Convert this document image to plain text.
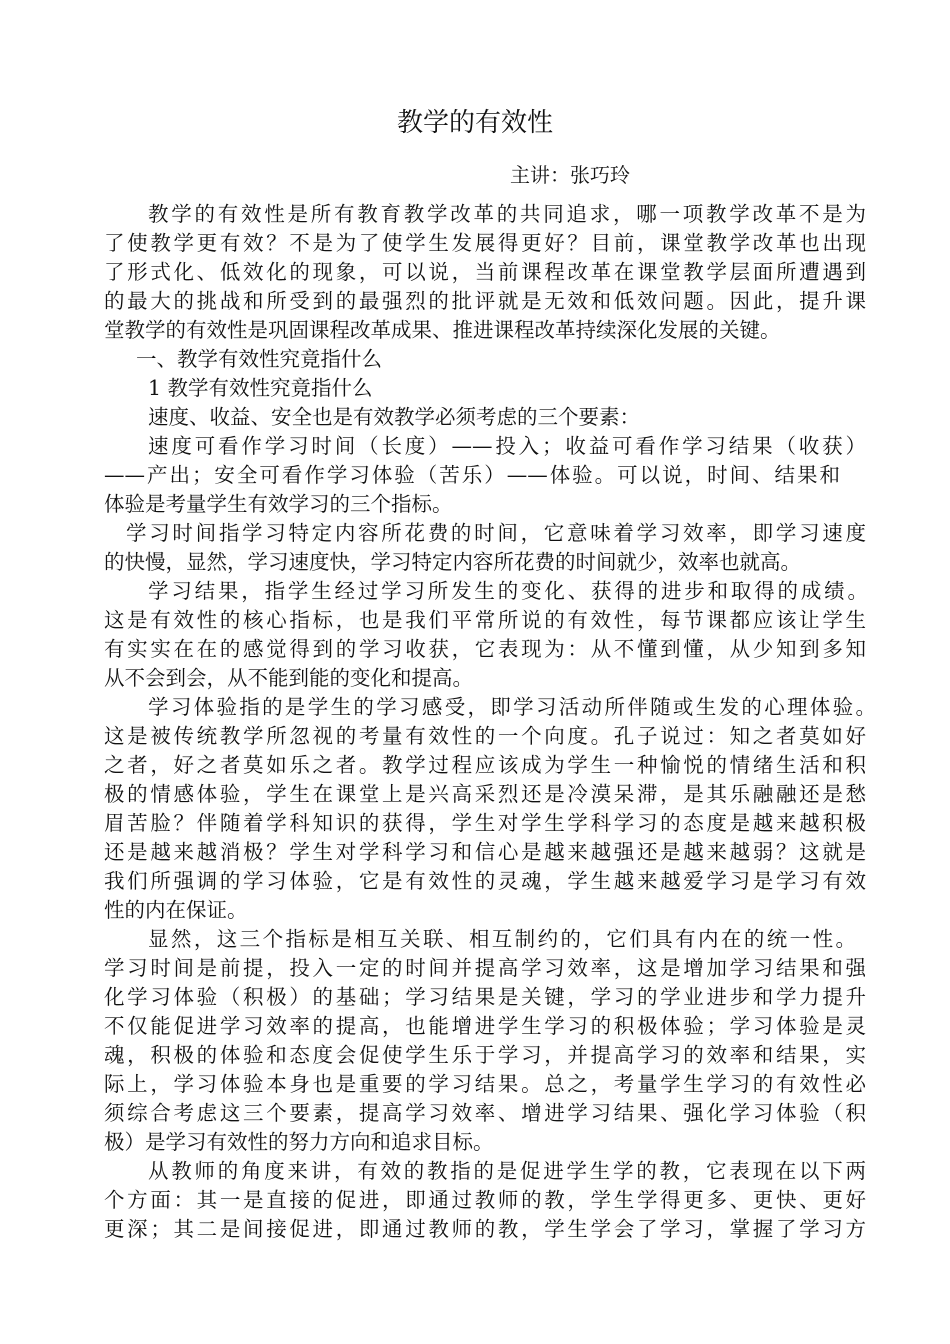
教学的有效性
主讲：张巧玲
教学的有效性是所有教育教学改革的共同追求，哪一项教学改革不是为
了使教学更有效？不是为了使学生发展得更好？目前，课堂教学改革也出现
了形式化、低效化的现象，可以说，当前课程改革在课堂教学层面所遭遇到
的最大的挑战和所受到的最强烈的批评就是无效和低效问题。因此，提升课
堂教学的有效性是巩固课程改革成果、推进课程改革持续深化发展的关键。
一、教学有效性究竟指什么
1 教学有效性究竟指什么
速度、收益、安全也是有效教学必须考虑的三个要素：
速度可看作学习时间（长度）——投入；收益可看作学习结果（收获）
——产出；安全可看作学习体验（苦乐）——体验。可以说，时间、结果和
体验是考量学生有效学习的三个指标。
学习时间指学习特定内容所花费的时间，它意味着学习效率，即学习速度
的快慢，显然，学习速度快，学习特定内容所花费的时间就少，效率也就高。
学习结果，指学生经过学习所发生的变化、获得的进步和取得的成绩。
这是有效性的核心指标，也是我们平常所说的有效性，每节课都应该让学生
有实实在在的感觉得到的学习收获，它表现为：从不懂到懂，从少知到多知
从不会到会，从不能到能的变化和提高。
学习体验指的是学生的学习感受，即学习活动所伴随或生发的心理体验。
这是被传统教学所忽视的考量有效性的一个向度。孔子说过：知之者莫如好
之者，好之者莫如乐之者。教学过程应该成为学生一种愉悦的情绪生活和积
极的情感体验，学生在课堂上是兴高采烈还是冷漠呆滞，是其乐融融还是愁
眉苦脸？伴随着学科知识的获得，学生对学生学科学习的态度是越来越积极
还是越来越消极？学生对学科学习和信心是越来越强还是越来越弱？这就是
我们所强调的学习体验，它是有效性的灵魂，学生越来越爱学习是学习有效
性的内在保证。
显然，这三个指标是相互关联、相互制约的，它们具有内在的统一性。
学习时间是前提，投入一定的时间并提高学习效率，这是增加学习结果和强
化学习体验（积极）的基础；学习结果是关键，学习的学业进步和学力提升
不仅能促进学习效率的提高，也能增进学生学习的积极体验；学习体验是灵
魂，积极的体验和态度会促使学生乐于学习，并提高学习的效率和结果，实
际上，学习体验本身也是重要的学习结果。总之，考量学生学习的有效性必
须综合考虑这三个要素，提高学习效率、增进学习结果、强化学习体验（积
极）是学习有效性的努力方向和追求目标。
从教师的角度来讲，有效的教指的是促进学生学的教，它表现在以下两
个方面：其一是直接的促进，即通过教师的教，学生学得更多、更快、更好
更深；其二是间接促进，即通过教师的教，学生学会了学习，掌握了学习方
